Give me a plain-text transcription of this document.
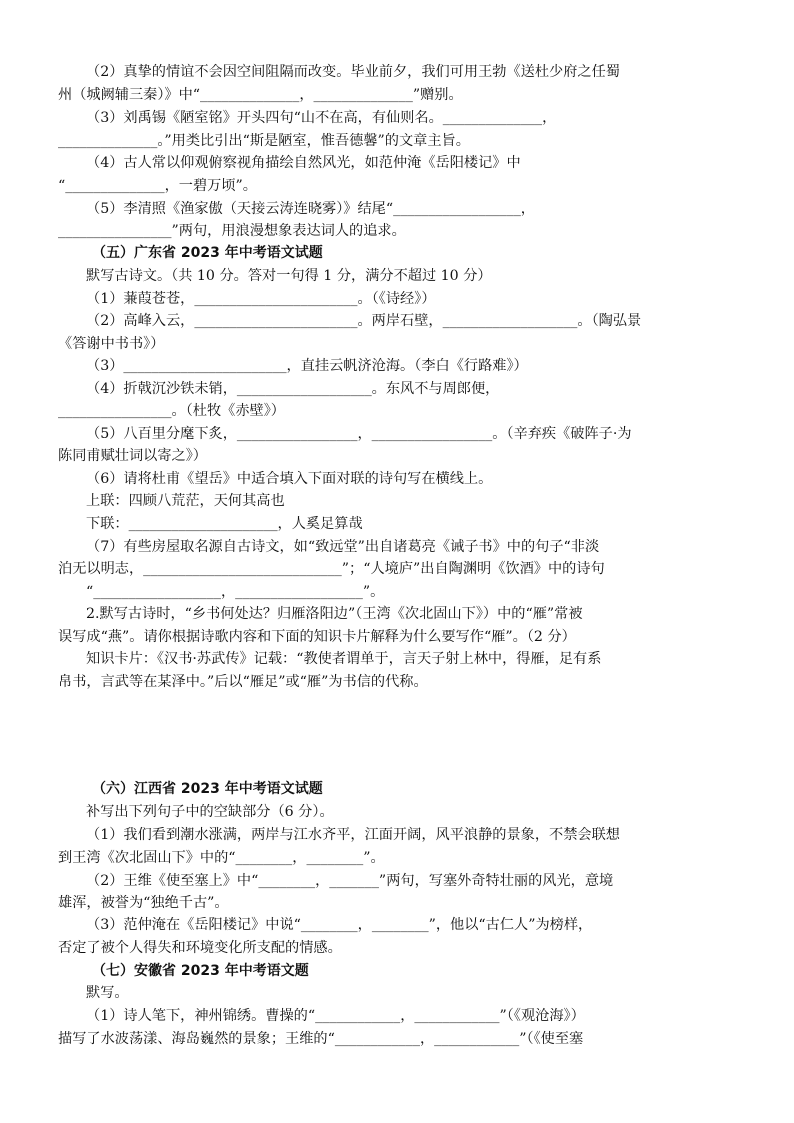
（2）真挚的情谊不会因空间阻隔而改变。毕业前夕，我们可用王勃《送杜少府之任蜀
州（城阙辅三秦）》中“______________，______________”赠别。
（3）刘禹锡《陋室铭》开头四句“山不在高，有仙则名。______________，
______________。”用类比引出“斯是陋室，惟吾德馨”的文章主旨。
（4）古人常以仰观俯察视角描绘自然风光，如范仲淹《岳阳楼记》中
“______________，一碧万顷”。
（5）李清照《渔家傲（天接云涛连晓雾）》结尾“__________________，
________________”两句，用浪漫想象表达词人的追求。
（五）广东省 2023 年中考语文试题
默写古诗文。（共 10 分。答对一句得 1 分，满分不超过 10 分）
（1）蒹葭苍苍，_______________________。（《诗经》）
（2）高峰入云，_______________________。两岸石壁，___________________。（陶弘景
《答谢中书书》）
（3）_______________________，直挂云帆济沧海。（李白《行路难》）
（4）折戟沉沙铁未销，___________________。东风不与周郎便，
________________。（杜牧《赤壁》）
（5）八百里分麾下炙，_________________，_________________。（辛弃疾《破阵子·为
陈同甫赋壮词以寄之》）
（6）请将杜甫《望岳》中适合填入下面对联的诗句写在横线上。
上联：四顾八荒茫，天何其高也
下联：_____________________，人奚足算哉
（7）有些房屋取名源自古诗文，如“致远堂”出自诸葛亮《诫子书》中的句子“非淡
泊无以明志，____________________________”；“人境庐”出自陶渊明《饮酒》中的诗句
“__________________，__________________”。
2.默写古诗时，“乡书何处达？归雁洛阳边”（王湾《次北固山下》）中的“雁”常被
误写成“燕”。请你根据诗歌内容和下面的知识卡片解释为什么要写作“雁”。（2 分）
知识卡片：《汉书·苏武传》记载：“教使者谓单于，言天子射上林中，得雁，足有系
帛书，言武等在某泽中。”后以“雁足”或“雁”为书信的代称。
（六）江西省 2023 年中考语文试题
补写出下列句子中的空缺部分（6 分）。
（1）我们看到潮水涨满，两岸与江水齐平，江面开阔，风平浪静的景象，不禁会联想
到王湾《次北固山下》中的“________，________”。
（2）王维《使至塞上》中“________，_______”两句，写塞外奇特壮丽的风光，意境
雄浑，被誉为“独绝千古”。
（3）范仲淹在《岳阳楼记》中说“________，________”，他以“古仁人”为榜样，
否定了被个人得失和环境变化所支配的情感。
（七）安徽省 2023 年中考语文题
默写。
（1）诗人笔下，神州锦绣。曹操的“____________，____________”（《观沧海》）
描写了水波荡漾、海岛巍然的景象；王维的“____________，____________”（《使至塞
